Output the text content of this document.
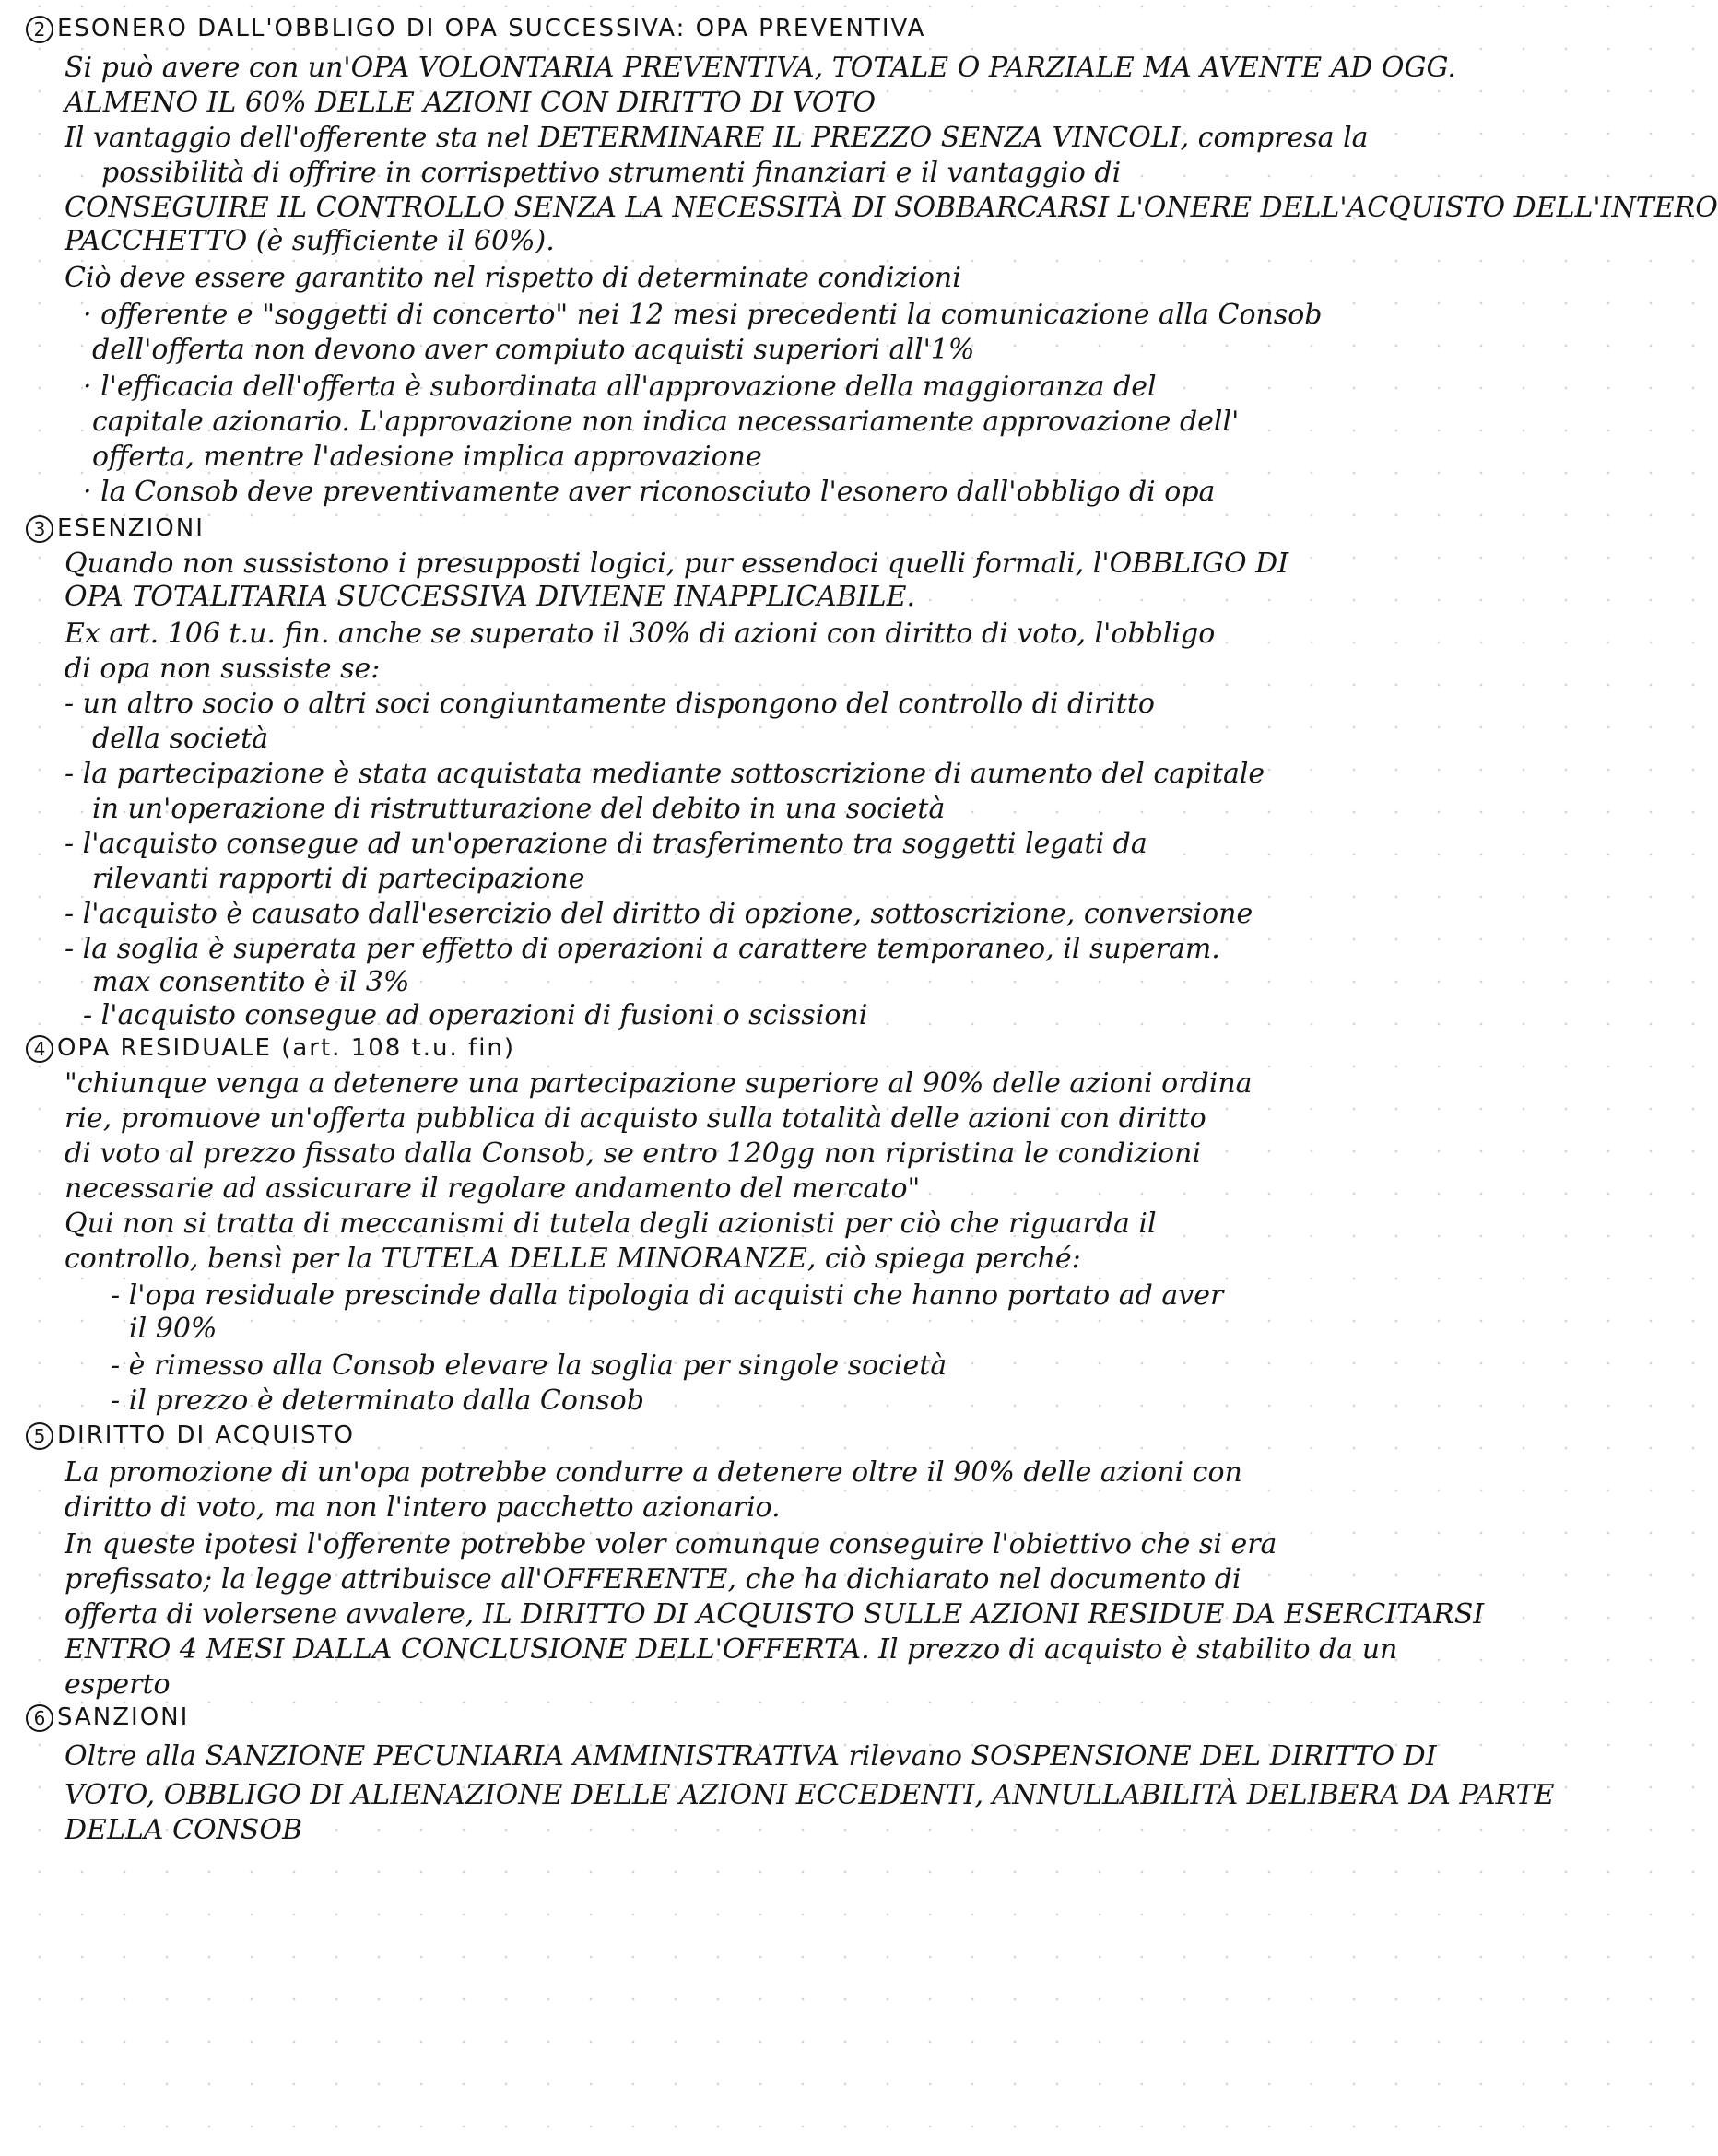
2 ESONERO DALL'OBBLIGO DI OPA SUCCESSIVA: OPA PREVENTIVA
Si può avere con un'OPA VOLONTARIA PREVENTIVA, TOTALE O PARZIALE MA AVENTE AD OGG.
ALMENO IL 60% DELLE AZIONI CON DIRITTO DI VOTO
Il vantaggio dell'offerente sta nel DETERMINARE IL PREZZO SENZA VINCOLI, compresa la
possibilità di offrire in corrispettivo strumenti finanziari e il vantaggio di
CONSEGUIRE IL CONTROLLO SENZA LA NECESSITÀ DI SOBBARCARSI L'ONERE DELL'ACQUISTO DELL'INTERO
PACCHETTO (è sufficiente il 60%).
Ciò deve essere garantito nel rispetto di determinate condizioni
· offerente e "soggetti di concerto" nei 12 mesi precedenti la comunicazione alla Consob
dell'offerta non devono aver compiuto acquisti superiori all'1%
· l'efficacia dell'offerta è subordinata all'approvazione della maggioranza del
capitale azionario. L'approvazione non indica necessariamente approvazione dell'
offerta, mentre l'adesione implica approvazione
· la Consob deve preventivamente aver riconosciuto l'esonero dall'obbligo di opa
3 ESENZIONI
Quando non sussistono i presupposti logici, pur essendoci quelli formali, l'OBBLIGO DI
OPA TOTALITARIA SUCCESSIVA DIVIENE INAPPLICABILE.
Ex art. 106 t.u. fin. anche se superato il 30% di azioni con diritto di voto, l'obbligo
di opa non sussiste se:
- un altro socio o altri soci congiuntamente dispongono del controllo di diritto
della società
- la partecipazione è stata acquistata mediante sottoscrizione di aumento del capitale
in un'operazione di ristrutturazione del debito in una società
- l'acquisto consegue ad un'operazione di trasferimento tra soggetti legati da
rilevanti rapporti di partecipazione
- l'acquisto è causato dall'esercizio del diritto di opzione, sottoscrizione, conversione
- la soglia è superata per effetto di operazioni a carattere temporaneo, il superam.
max consentito è il 3%
- l'acquisto consegue ad operazioni di fusioni o scissioni
4 OPA RESIDUALE (art. 108 t.u. fin)
"chiunque venga a detenere una partecipazione superiore al 90% delle azioni ordina
rie, promuove un'offerta pubblica di acquisto sulla totalità delle azioni con diritto
di voto al prezzo fissato dalla Consob, se entro 120gg non ripristina le condizioni
necessarie ad assicurare il regolare andamento del mercato"
Qui non si tratta di meccanismi di tutela degli azionisti per ciò che riguarda il
controllo, bensì per la TUTELA DELLE MINORANZE, ciò spiega perché:
- l'opa residuale prescinde dalla tipologia di acquisti che hanno portato ad aver
il 90%
- è rimesso alla Consob elevare la soglia per singole società
- il prezzo è determinato dalla Consob
5 DIRITTO DI ACQUISTO
La promozione di un'opa potrebbe condurre a detenere oltre il 90% delle azioni con
diritto di voto, ma non l'intero pacchetto azionario.
In queste ipotesi l'offerente potrebbe voler comunque conseguire l'obiettivo che si era
prefissato; la legge attribuisce all'OFFERENTE, che ha dichiarato nel documento di
offerta di volersene avvalere, IL DIRITTO DI ACQUISTO SULLE AZIONI RESIDUE DA ESERCITARSI
ENTRO 4 MESI DALLA CONCLUSIONE DELL'OFFERTA. Il prezzo di acquisto è stabilito da un
esperto
6 SANZIONI
Oltre alla SANZIONE PECUNIARIA AMMINISTRATIVA rilevano SOSPENSIONE DEL DIRITTO DI
VOTO, OBBLIGO DI ALIENAZIONE DELLE AZIONI ECCEDENTI, ANNULLABILITÀ DELIBERA DA PARTE
DELLA CONSOB
